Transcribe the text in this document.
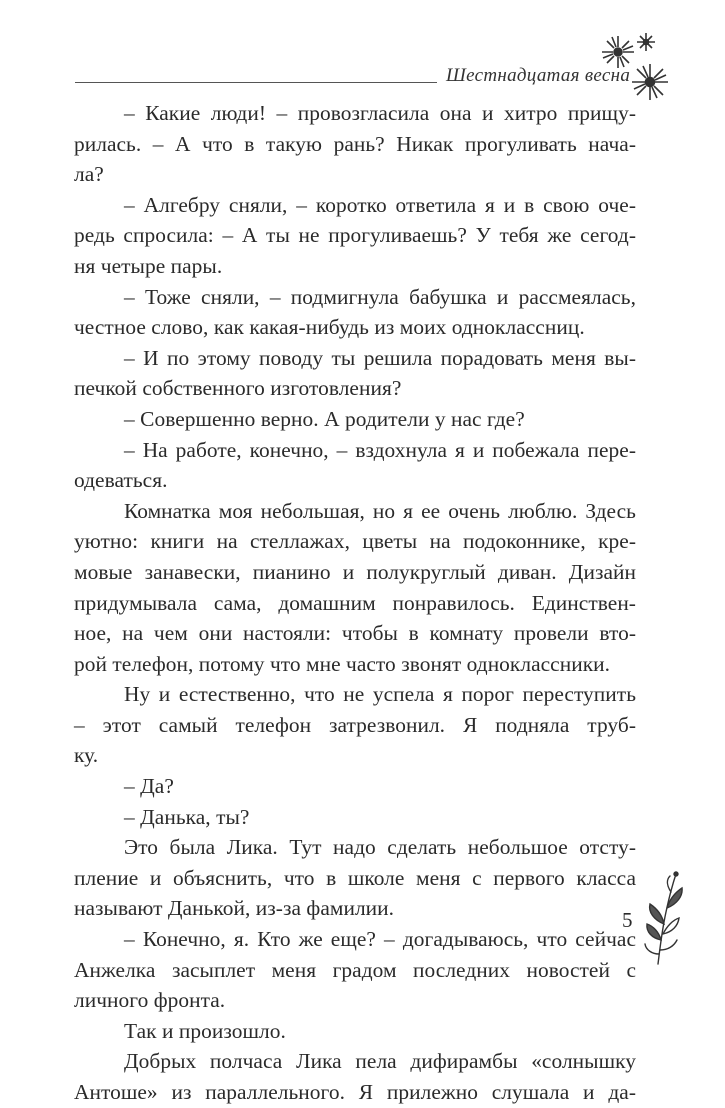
Шестнадцатая весна
– Какие люди! – провозгласила она и хитро прищу-
рилась. – А что в такую рань? Никак прогуливать нача-
ла?
– Алгебру сняли, – коротко ответила я и в свою оче-
редь спросила: – А ты не прогуливаешь? У тебя же сегод-
ня четыре пары.
– Тоже сняли, – подмигнула бабушка и рассмеялась,
честное слово, как какая-нибудь из моих одноклассниц.
– И по этому поводу ты решила порадовать меня вы-
печкой собственного изготовления?
– Совершенно верно. А родители у нас где?
– На работе, конечно, – вздохнула я и побежала пере-
одеваться.
Комнатка моя небольшая, но я ее очень люблю. Здесь
уютно: книги на стеллажах, цветы на подоконнике, кре-
мовые занавески, пианино и полукруглый диван. Дизайн
придумывала сама, домашним понравилось. Единствен-
ное, на чем они настояли: чтобы в комнату провели вто-
рой телефон, потому что мне часто звонят одноклассники.
Ну и естественно, что не успела я порог переступить
– этот самый телефон затрезвонил. Я подняла труб-
ку.
– Да?
– Данька, ты?
Это была Лика. Тут надо сделать небольшое отсту-
пление и объяснить, что в школе меня с первого класса
называют Данькой, из-за фамилии.
– Конечно, я. Кто же еще? – догадываюсь, что сейчас
Анжелка засыплет меня градом последних новостей с
личного фронта.
Так и произошло.
Добрых полчаса Лика пела дифирамбы «солнышку
Антоше» из параллельного. Я прилежно слушала и да-
5
